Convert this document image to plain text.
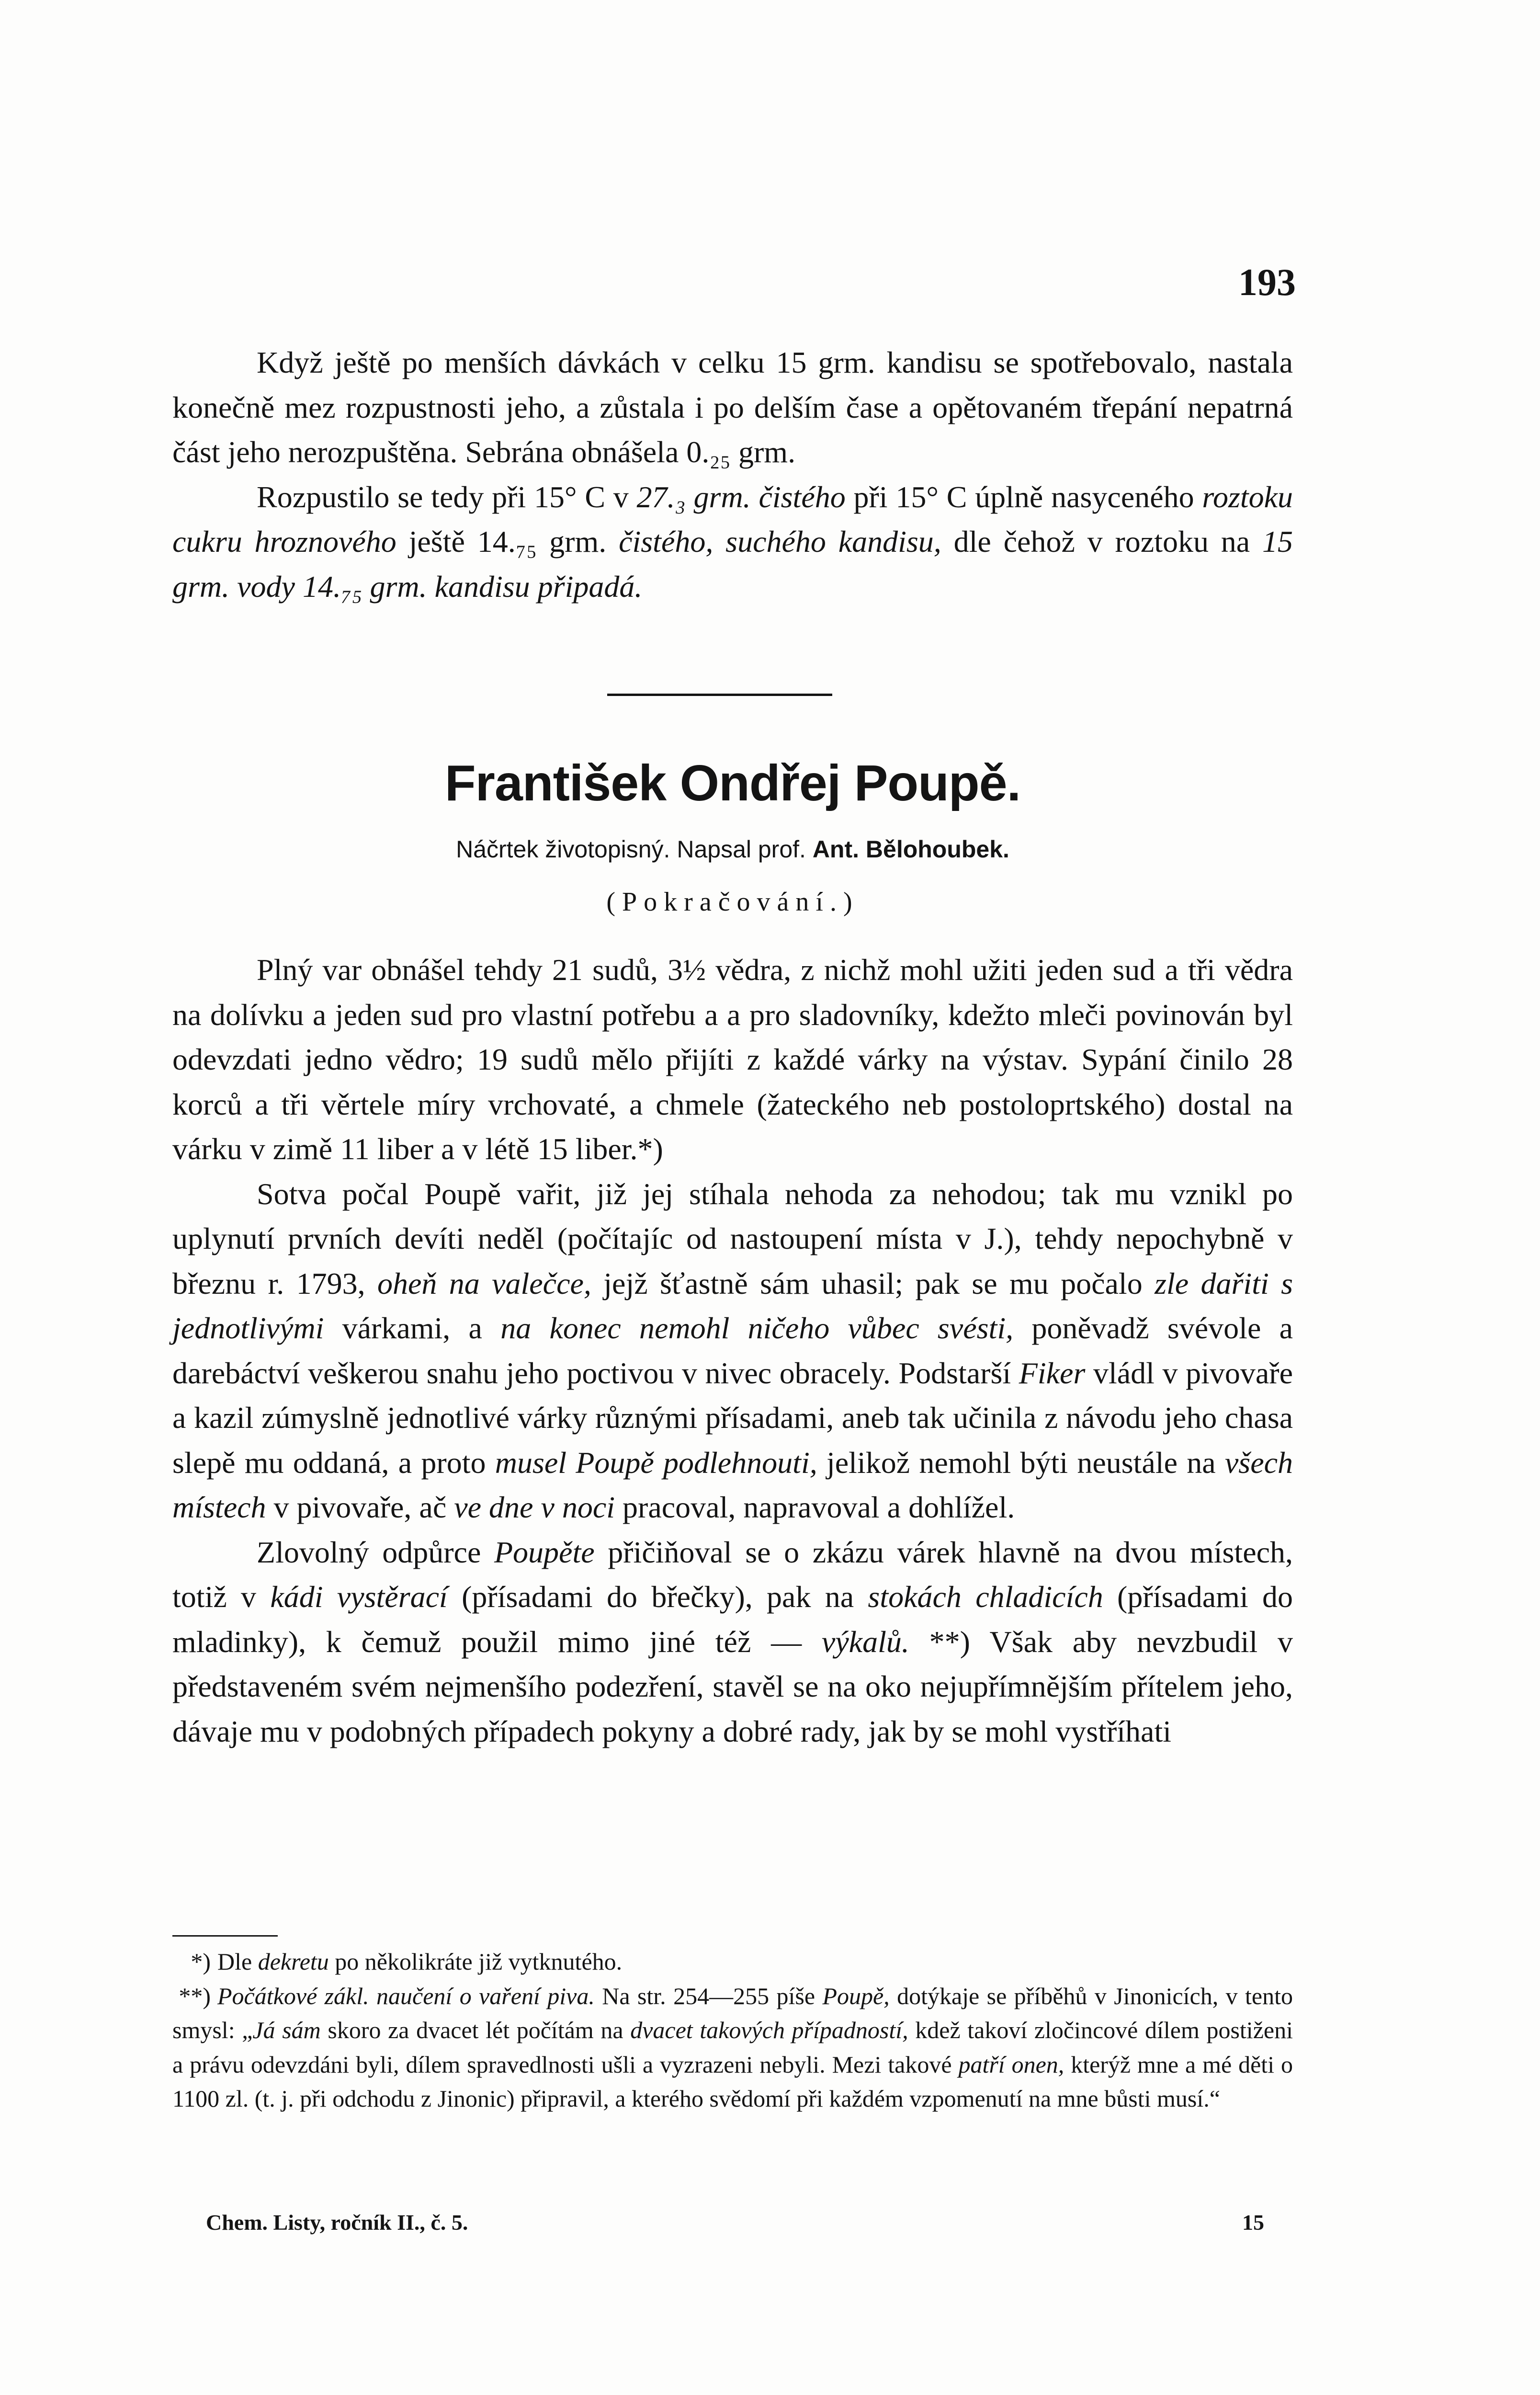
193

Když ještě po menších dávkách v celku 15 grm. kandisu se spotřebovalo, nastala konečně mez rozpustnosti jeho, a zůstala i po delším čase a opětovaném třepání nepatrná část jeho nerozpuštěna. Sebrána obnášela 0.₂₅ grm.

Rozpustilo se tedy při 15° C v 27.₃ grm. čistého při 15° C úplně nasyceného roztoku cukru hroznového ještě 14.₇₅ grm. čistého, suchého kandisu, dle čehož v roztoku na 15 grm. vody 14.₇₅ grm. kandisu připadá.

František Ondřej Poupě.

Náčrtek životopisný. Napsal prof. Ant. Bělohoubek.

(Pokračování.)

Plný var obnášel tehdy 21 sudů, 3½ vědra, z nichž mohl užiti jeden sud a tři vědra na dolívku a jeden sud pro vlastní potřebu a a pro sladovníky, kdežto mleči povinován byl odevzdati jedno vědro; 19 sudů mělo přijíti z každé várky na výstav. Sypání činilo 28 korců a tři věrtele míry vrchovaté, a chmele (žateckého neb postoloprtského) dostal na várku v zimě 11 liber a v létě 15 liber.*)

Sotva počal Poupě vařit, již jej stíhala nehoda za nehodou; tak mu vznikl po uplynutí prvních devíti neděl (počítajíc od nastoupení místa v J.), tehdy nepochybně v březnu r. 1793, oheň na valečce, jejž šťastně sám uhasil; pak se mu počalo zle dařiti s jednotlivými várkami, a na konec nemohl ničeho vůbec svésti, poněvadž svévole a darebáctví veškerou snahu jeho poctivou v nivec obracely. Podstarší Fiker vládl v pivovaře a kazil zúmyslně jednotlivé várky různými přísadami, aneb tak učinila z návodu jeho chasa slepě mu oddaná, a proto musel Poupě podlehnouti, jelikož nemohl býti neustále na všech místech v pivovaře, ač ve dne v noci pracoval, napravoval a dohlížel.

Zlovolný odpůrce Poupěte přičiňoval se o zkázu várek hlavně na dvou místech, totiž v kádi vystěrací (přísadami do břečky), pak na stokách chladicích (přísadami do mladinky), k čemuž použil mimo jiné též — výkalů. **) Však aby nevzbudil v představeném svém nejmenšího podezření, stavěl se na oko nejupřímnějším přítelem jeho, dávaje mu v podobných případech pokyny a dobré rady, jak by se mohl vystříhati

*) Dle dekretu po několikráte již vytknutého.

**) Počátkové zákl. naučení o vaření piva. Na str. 254—255 píše Poupě, dotýkaje se příběhů v Jinonicích, v tento smysl: „Já sám skoro za dvacet lét počítám na dvacet takových případností, kdež takoví zločincové dílem postiženi a právu odevzdáni byli, dílem spravedlnosti ušli a vyzrazeni nebyli. Mezi takové patří onen, kterýž mne a mé děti o 1100 zl. (t. j. při odchodu z Jinonic) připravil, a kterého svědomí při každém vzpomenutí na mne bůsti musí.“

Chem. Listy, ročník II., č. 5.	15
